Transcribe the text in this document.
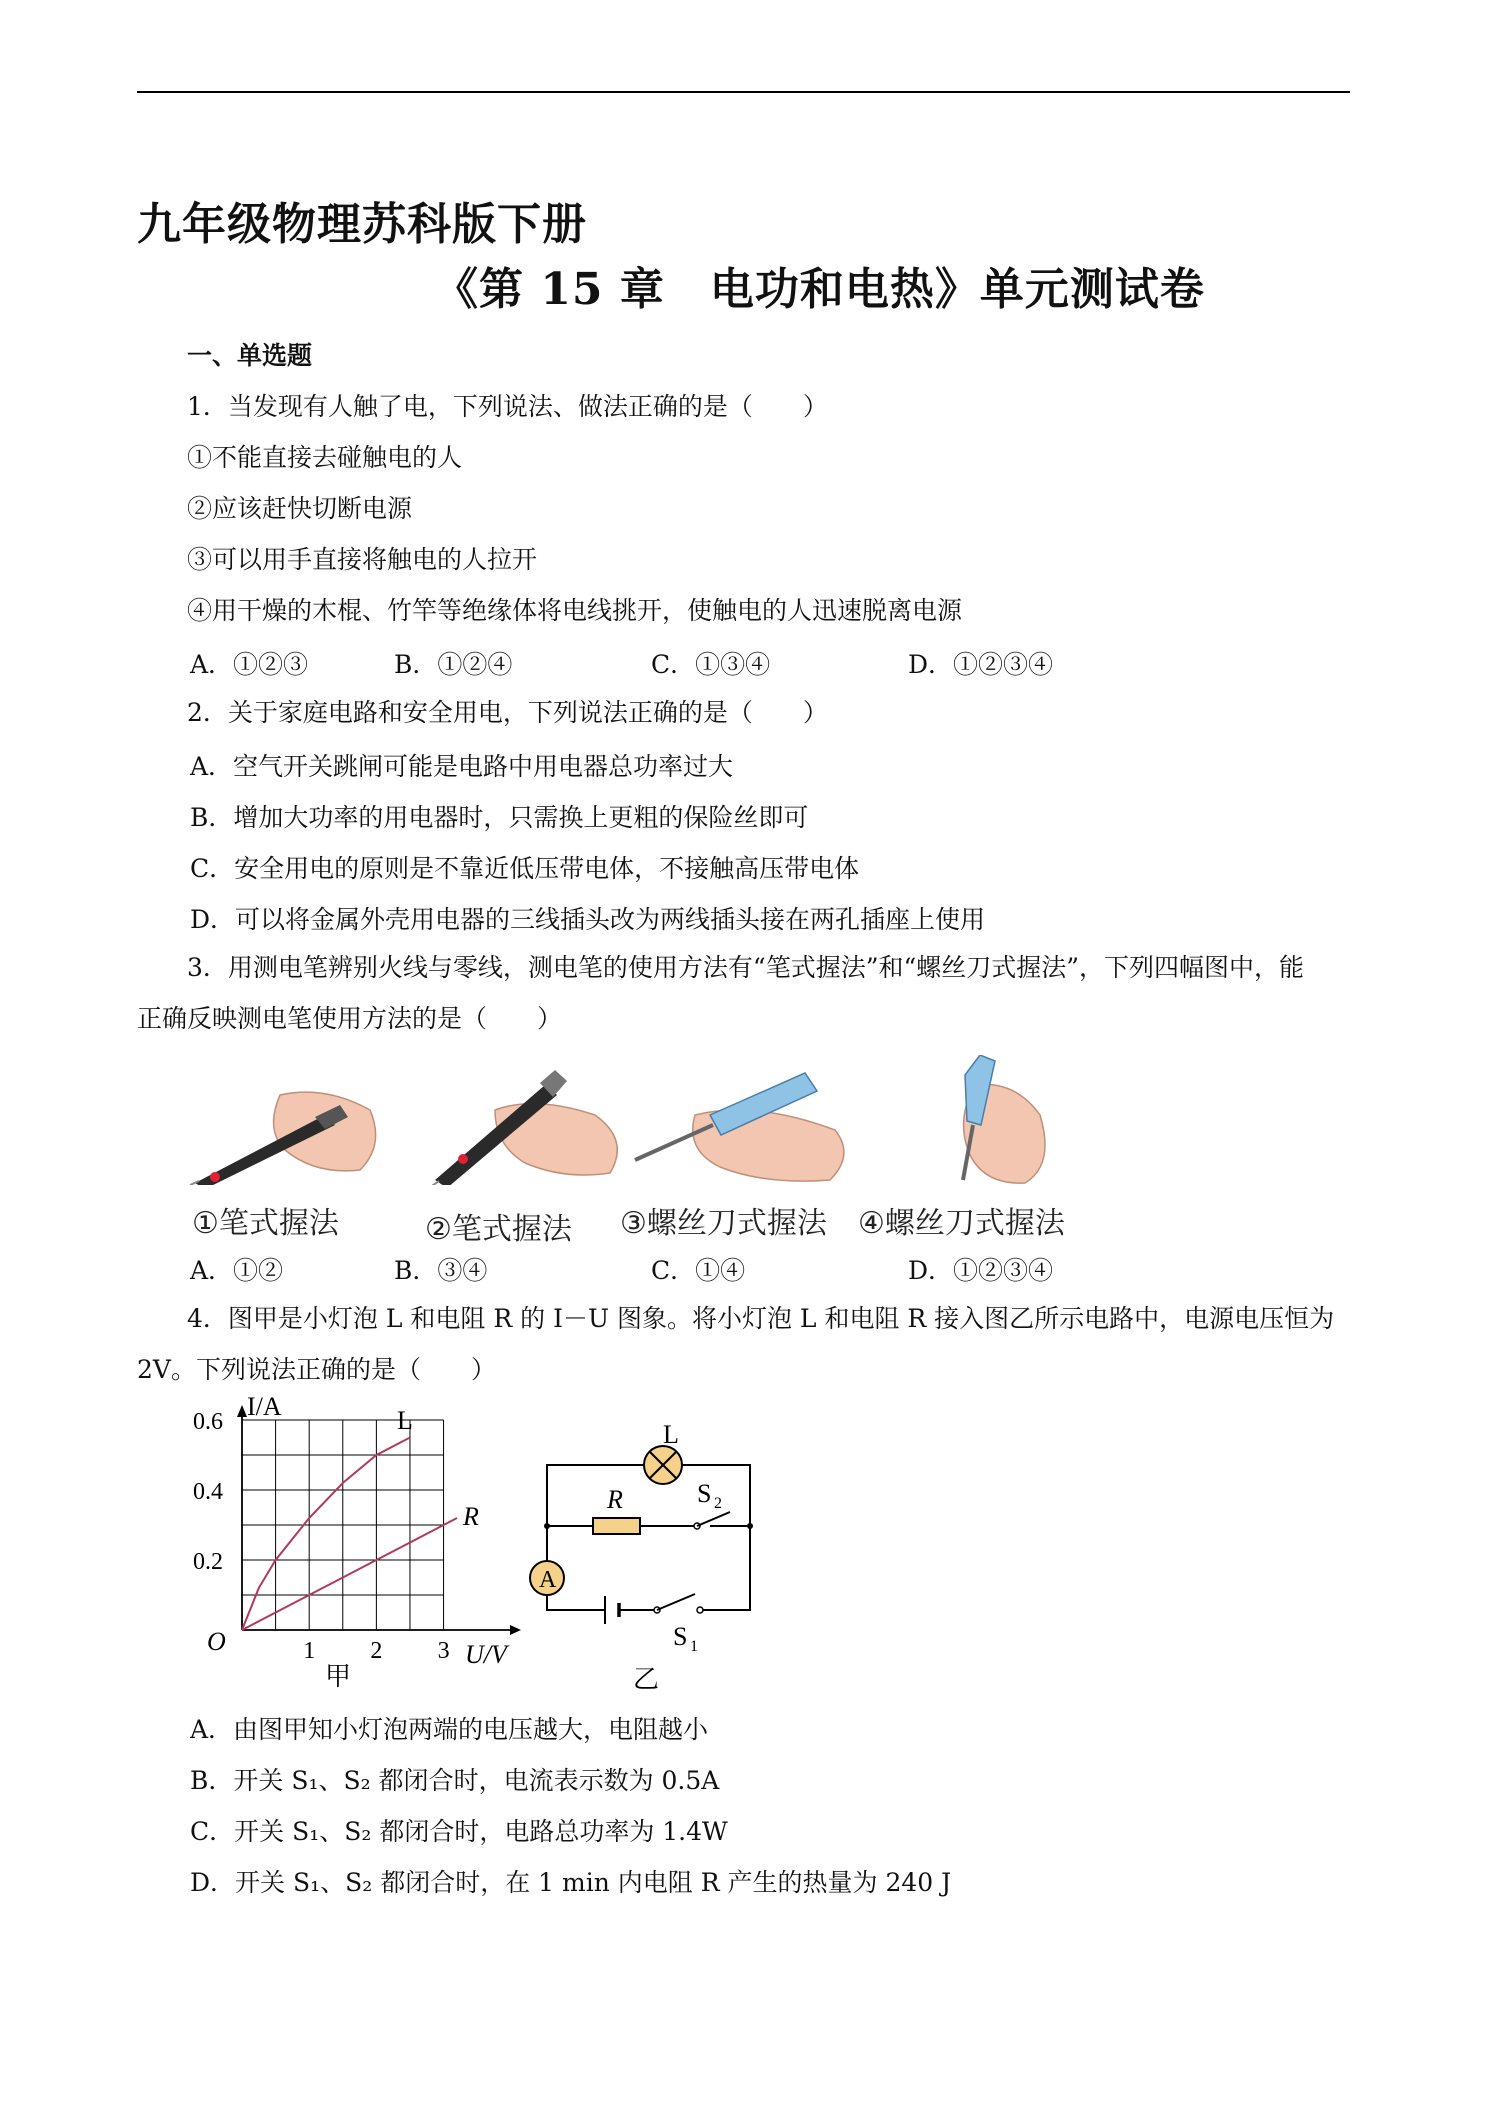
九年级物理苏科版下册
《第 15 章　电功和电热》单元测试卷
一、单选题
1．当发现有人触了电，下列说法、做法正确的是（　　）
①不能直接去碰触电的人
②应该赶快切断电源
③可以用手直接将触电的人拉开
④用干燥的木棍、竹竿等绝缘体将电线挑开，使触电的人迅速脱离电源
A．①②③	B．①②④	C．①③④	D．①②③④
2．关于家庭电路和安全用电，下列说法正确的是（　　）
A．空气开关跳闸可能是电路中用电器总功率过大
B．增加大功率的用电器时，只需换上更粗的保险丝即可
C．安全用电的原则是不靠近低压带电体，不接触高压带电体
D．可以将金属外壳用电器的三线插头改为两线插头接在两孔插座上使用
3．用测电笔辨别火线与零线，测电笔的使用方法有“笔式握法”和“螺丝刀式握法”，下列四幅图中，能
正确反映测电笔使用方法的是（　　）
①笔式握法	②笔式握法 ③螺丝刀式握法 ④螺丝刀式握法
A．①②	B．③④	C．①④	D．①②③④
4．图甲是小灯泡 L 和电阻 R 的 I－U 图象。将小灯泡 L 和电阻 R 接入图乙所示电路中，电源电压恒为
2V。下列说法正确的是（　　）
0.2
0.4
0.6
1 2 3
I/A
U/V
O
L
R
甲
L
R	S 2
A
S 1
乙
A．由图甲知小灯泡两端的电压越大，电阻越小
B．开关 S₁、S₂ 都闭合时，电流表示数为 0.5A
C．开关 S₁、S₂ 都闭合时，电路总功率为 1.4W
D．开关 S₁、S₂ 都闭合时，在 1 min 内电阻 R 产生的热量为 240 J
